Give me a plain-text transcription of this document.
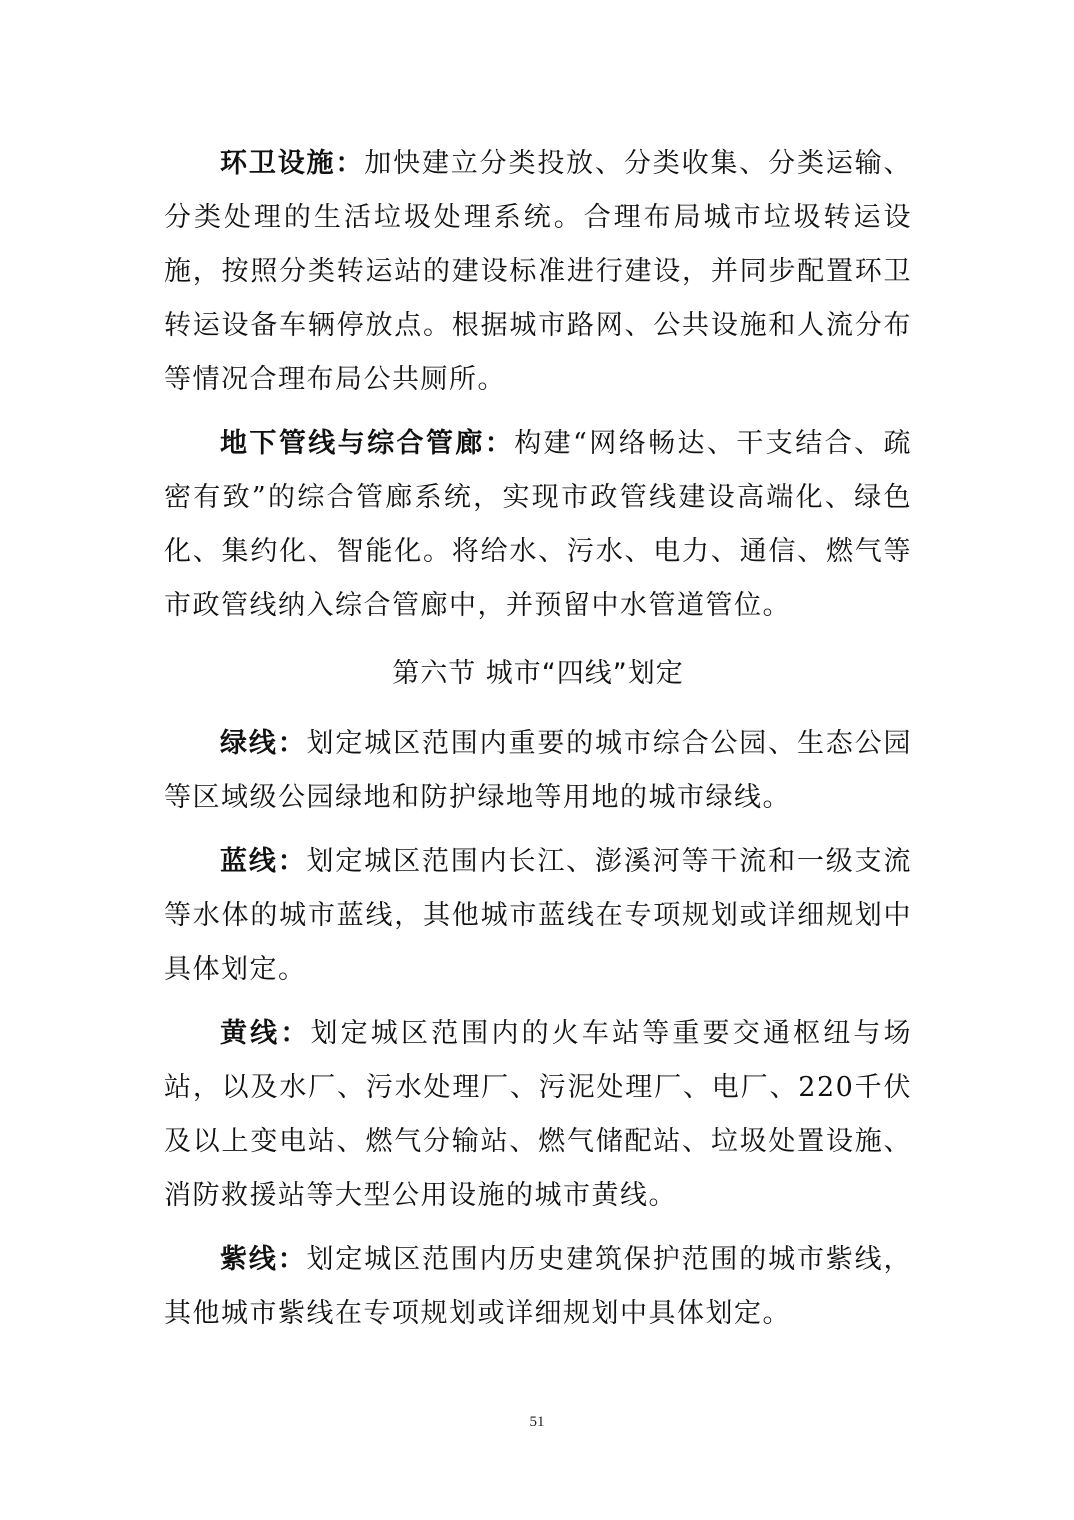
环卫设施：加快建立分类投放、分类收集、分类运输、分类处理的生活垃圾处理系统。合理布局城市垃圾转运设施，按照分类转运站的建设标准进行建设，并同步配置环卫转运设备车辆停放点。根据城市路网、公共设施和人流分布等情况合理布局公共厕所。

地下管线与综合管廊：构建“网络畅达、干支结合、疏密有致”的综合管廊系统，实现市政管线建设高端化、绿色化、集约化、智能化。将给水、污水、电力、通信、燃气等市政管线纳入综合管廊中，并预留中水管道管位。

第六节 城市“四线”划定

绿线：划定城区范围内重要的城市综合公园、生态公园等区域级公园绿地和防护绿地等用地的城市绿线。

蓝线：划定城区范围内长江、澎溪河等干流和一级支流等水体的城市蓝线，其他城市蓝线在专项规划或详细规划中具体划定。

黄线：划定城区范围内的火车站等重要交通枢纽与场站，以及水厂、污水处理厂、污泥处理厂、电厂、220千伏及以上变电站、燃气分输站、燃气储配站、垃圾处置设施、消防救援站等大型公用设施的城市黄线。

紫线：划定城区范围内历史建筑保护范围的城市紫线，其他城市紫线在专项规划或详细规划中具体划定。

51
